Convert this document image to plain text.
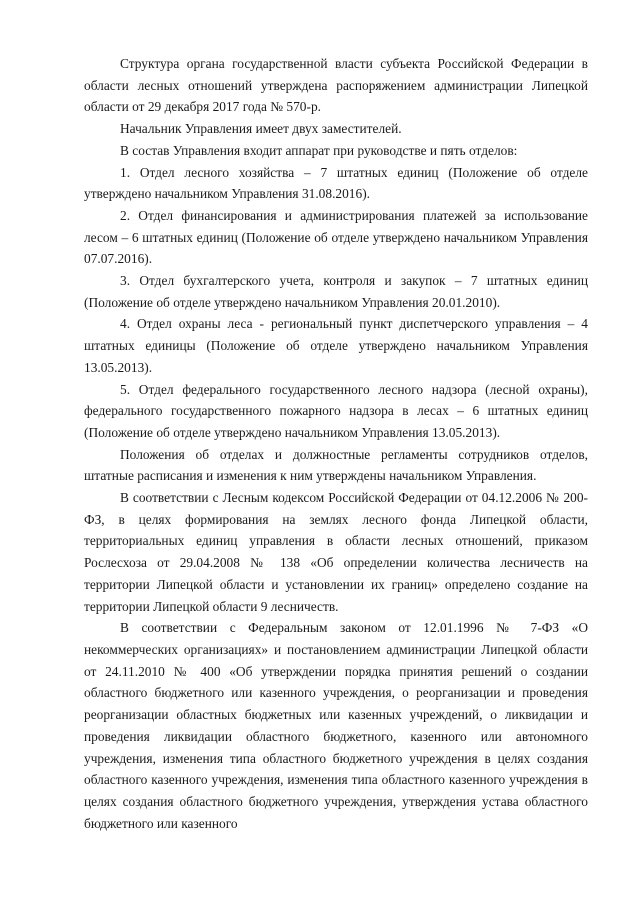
Структура органа государственной власти субъекта Российской Федерации в области лесных отношений утверждена распоряжением администрации Липецкой области от 29 декабря 2017 года № 570-р.

Начальник Управления имеет двух заместителей.

В состав Управления входит аппарат при руководстве и пять отделов:

1. Отдел лесного хозяйства – 7 штатных единиц (Положение об отделе утверждено начальником Управления 31.08.2016).

2. Отдел финансирования и администрирования платежей за использование лесом – 6 штатных единиц (Положение об отделе утверждено начальником Управления 07.07.2016).

3. Отдел бухгалтерского учета, контроля и закупок – 7 штатных единиц (Положение об отделе утверждено начальником Управления 20.01.2010).

4. Отдел охраны леса - региональный пункт диспетчерского управления – 4 штатных единицы (Положение об отделе утверждено начальником Управления 13.05.2013).

5. Отдел федерального государственного лесного надзора (лесной охраны), федерального государственного пожарного надзора в лесах – 6 штатных единиц (Положение об отделе утверждено начальником Управления 13.05.2013).

Положения об отделах и должностные регламенты сотрудников отделов, штатные расписания и изменения к ним утверждены начальником Управления.

В соответствии с Лесным кодексом Российской Федерации от 04.12.2006 № 200-ФЗ, в целях формирования на землях лесного фонда Липецкой области, территориальных единиц управления в области лесных отношений, приказом Рослесхоза от 29.04.2008 № 138 «Об определении количества лесничеств на территории Липецкой области и установлении их границ» определено создание на территории Липецкой области 9 лесничеств.

В соответствии с Федеральным законом от 12.01.1996 № 7-ФЗ «О некоммерческих организациях» и постановлением администрации Липецкой области от 24.11.2010 № 400 «Об утверждении порядка принятия решений о создании областного бюджетного или казенного учреждения, о реорганизации и проведения реорганизации областных бюджетных или казенных учреждений, о ликвидации и проведения ликвидации областного бюджетного, казенного или автономного учреждения, изменения типа областного бюджетного учреждения в целях создания областного казенного учреждения, изменения типа областного казенного учреждения в целях создания областного бюджетного учреждения, утверждения устава областного бюджетного или казенного
